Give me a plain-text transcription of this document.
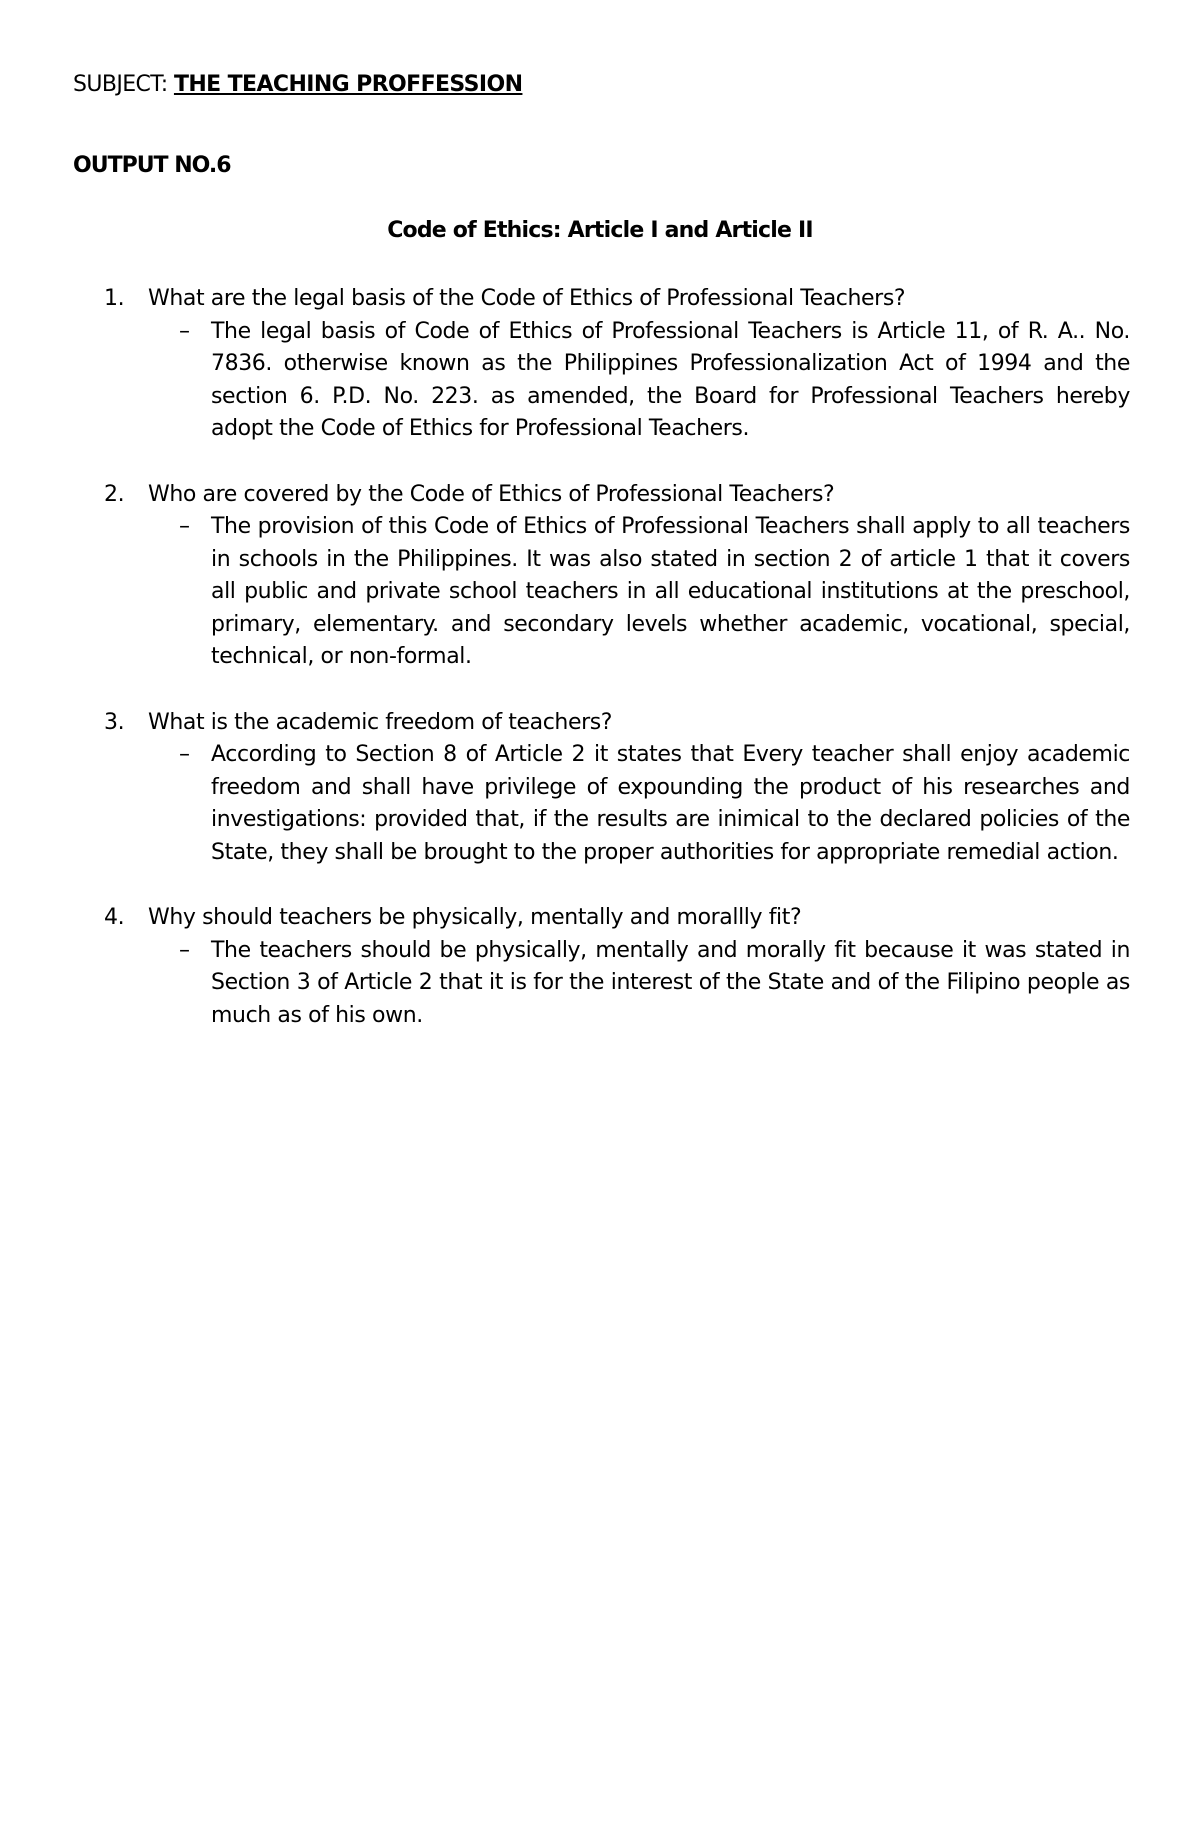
SUBJECT: THE TEACHING PROFFESSION
OUTPUT NO.6
Code of Ethics: Article I and Article II
1.	What are the legal basis of the Code of Ethics of Professional Teachers?
– The legal basis of Code of Ethics of Professional Teachers is Article 11, of R. A.. No. 7836. otherwise known as the Philippines Professionalization Act of 1994 and the section 6. P.D. No. 223. as amended, the Board for Professional Teachers hereby adopt the Code of Ethics for Professional Teachers.
2.	Who are covered by the Code of Ethics of Professional Teachers?
– The provision of this Code of Ethics of Professional Teachers shall apply to all teachers in schools in the Philippines. It was also stated in section 2 of article 1 that it covers all public and private school teachers in all educational institutions at the preschool, primary, elementary. and secondary levels whether academic, vocational, special, technical, or non-formal.
3.	What is the academic freedom of teachers?
– According to Section 8 of Article 2 it states that Every teacher shall enjoy academic freedom and shall have privilege of expounding the product of his researches and investigations: provided that, if the results are inimical to the declared policies of the State, they shall be brought to the proper authorities for appropriate remedial action.
4.	Why should teachers be physically, mentally and morallly fit?
– The teachers should be physically, mentally and morally fit because it was stated in Section 3 of Article 2 that it is for the interest of the State and of the Filipino people as much as of his own.
